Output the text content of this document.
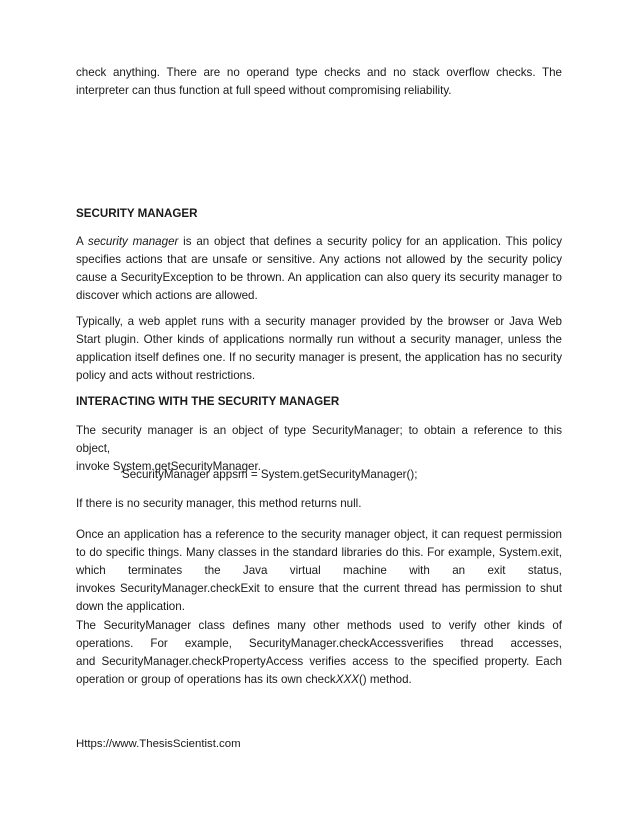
check anything. There are no operand type checks and no stack overflow checks. The
interpreter can thus function at full speed without compromising reliability.

SECURITY MANAGER

A security manager is an object that defines a security policy for an application. This policy specifies actions that are unsafe or sensitive. Any actions not allowed by the security policy cause a SecurityException to be thrown. An application can also query its security manager to discover which actions are allowed.

Typically, a web applet runs with a security manager provided by the browser or Java Web Start plugin. Other kinds of applications normally run without a security manager, unless the application itself defines one. If no security manager is present, the application has no security policy and acts without restrictions.

INTERACTING WITH THE SECURITY MANAGER

The security manager is an object of type SecurityManager; to obtain a reference to this object,
invoke System.getSecurityManager.

SecurityManager appsm = System.getSecurityManager();

If there is no security manager, this method returns null.

Once an application has a reference to the security manager object, it can request permission
to do specific things. Many classes in the standard libraries do this. For example, System.exit,
which terminates the Java virtual machine with an exit status,
invokes SecurityManager.checkExit to ensure that the current thread has permission to shut
down the application.

The SecurityManager class defines many other methods used to verify other kinds of
operations. For example, SecurityManager.checkAccessverifies thread accesses,
and SecurityManager.checkPropertyAccess verifies access to the specified property. Each
operation or group of operations has its own checkXXX() method.

Https://www.ThesisScientist.com
